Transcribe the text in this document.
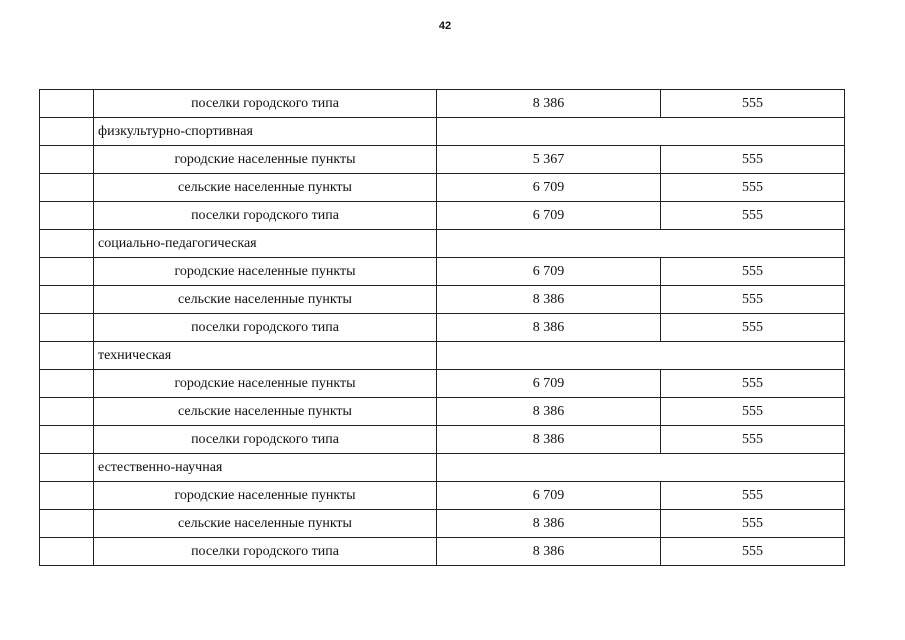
42
	поселки городского типа	8 386	555
	физкультурно-спортивная		
	городские населенные пункты	5 367	555
	сельские населенные пункты	6 709	555
	поселки городского типа	6 709	555
	социально-педагогическая		
	городские населенные пункты	6 709	555
	сельские населенные пункты	8 386	555
	поселки городского типа	8 386	555
	техническая		
	городские населенные пункты	6 709	555
	сельские населенные пункты	8 386	555
	поселки городского типа	8 386	555
	естественно-научная		
	городские населенные пункты	6 709	555
	сельские населенные пункты	8 386	555
	поселки городского типа	8 386	555
